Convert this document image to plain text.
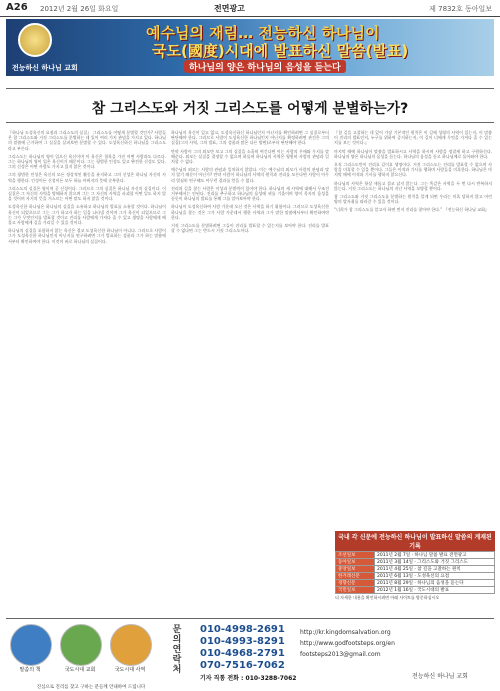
A26 2012년 2월 26일 화요일	전면광고	제 7832호 동아일보
전능하신 하나님 교회
예수님의 재림… 전능하신 하나님이
국도(國度)시대에 발표하신 말씀(발표)
하나님의 양은 하나님의 음성을 듣는다
참 그리스도와 거짓 그리스도를 어떻게 분별하는가?

『하나님 도성육신의 요점과 그리스도의 실질』 그리스도를 어떻게 분별할 것인가? 사람들은 참 그리스도와 거짓 그리스도를 분별하는 데 있어 여러 가지 관념을 가지고 있다. 하나님의 말씀에 근거하여 그 실질을 살펴보면 분별할 수 있다. 도성육신하신 하나님을 그리스도라고 부른다.

그리스도는 하나님의 영이 입으신 육신이며 이 육신은 혈육을 가진 어떤 사람과도 다르다. 그는 하나님의 영이 입은 육신이기 때문이다. 그는 평범한 인성도 있고 완전한 신성도 있다. 그의 신성은 어떤 사람도 가지고 있지 않은 것이다.

그의 평범한 인성은 육신의 모든 정상적인 활동을 유지하고 그의 신성은 하나님 자신의 사역을 행한다. 인성이든 신성이든 모두 하늘 아버지의 뜻에 순복한다.

그리스도의 실질은 영이며 곧 신성이다. 그러므로 그의 실질은 하나님 자신의 실질이다. 이 실질은 그 자신의 사역을 방해하지 않으며 그는 그 자신의 사역을 파괴할 어떤 일도 하지 않을 것이며 자기의 뜻을 거스르는 어떤 말도 하지 않을 것이다.

도성육신한 하나님은 하나님의 실질을 소유하고 하나님의 발표를 소유할 것이다. 하나님이 육신이 되었으므로 그는 그가 하고자 하는 일을 나타낼 것이며 그가 육신이 되었으므로 그는 그가 무엇인지를 발표할 것이고 진리를 사람에게 가져다 줄 수 있고 생명을 사람에게 베풀고 사람에게 길을 가리킬 수 있을 것이다.

하나님의 실질을 포함하지 않는 육신은 결코 도성육신한 하나님이 아니다. 그러므로 사람이 그가 도성육신한 하나님인지 아닌지를 연구하려면 그가 발표하는 성품과 그가 하는 말씀에서부터 확인하여야 한다. 이것이 바로 하나님의 실질이다.

하나님의 육신이 있고 없고, 도성육신하신 하나님인지 아닌지를 확인하려면 그 실질로부터 판단해야 한다. 그러므로 사람이 도성육신한 하나님인지 아닌지를 확정하려면 관건은 그의 실질(그의 사역, 그의 발표, 그의 성품과 많은 다른 방면)로부터 판단해야 한다.

만약 사람이 그의 외모만 보고 그의 실질을 소홀히 여긴다면 이는 사람의 우매와 무지를 말해준다. 외모는 실질을 결정할 수 없으며 하물며 하나님의 사역은 영원히 사람의 관념과 일치할 수 없다.

예수님의 외모는 사람의 관념과 일치하지 않았다. 이는 예수님의 외모가 사람의 관념과 맞지 않기 때문이 아닌가? 만약 사람이 하나님의 사역의 원칙과 진리를 모른다면 사람이 아무리 열심히 연구해도 아무런 결과를 얻을 수 없다.

진리의 길을 찾는 사람은 이성과 분별력이 있어야 한다. 하나님의 새 사역에 대해서 무조건 거부해서는 안된다. 진리를 추구하고 하나님의 음성에 귀를 기울이며 양이 목자의 음성을 듣듯이 하나님의 발표를 통해 그를 알아보아야 한다.

하나님이 도성육신하여 사람 가운데 오신 것은 사역을 하기 위함이다. 그러므로 도성육신한 하나님을 찾는 것은 그가 사람 가운데서 행한 사역과 그가 말한 말씀에서부터 확인하여야 한다.

거짓 그리스도를 분별하려면 그들이 진리를 발표할 수 있는지를 보아야 한다. 진리를 발표할 수 없다면 그는 반드시 거짓 그리스도이다.

『참 길을 고찰하는 데 있어 가장 기본적인 원칙은 이 길에 성령의 사역이 있는지, 이 말씀이 진리의 발표인지, 누구를 위하여 증거하는지, 이 길이 너에게 무엇을 가져다 줄 수 있는지를 보는 것이다.』

마지막 때에 하나님이 말씀을 발표하시고 사역을 하시며 사람을 정결케 하고 구원하신다. 하나님의 양은 하나님의 음성을 듣는다. 하나님의 음성을 듣고 하나님께로 돌아와야 한다.

오직 그리스도만이 진리요 길이요 생명이다. 거짓 그리스도는 진리를 발표할 수 없으며 사람을 미혹할 수 있을 뿐이다. 그들은 이적과 기사를 행하며 사람들을 미혹한다. 하나님은 마지막 때에 이적과 기사를 행하지 않으신다.

하나님의 사역은 항상 새롭고 결코 낡지 않는다. 그는 똑같은 사역을 두 번 다시 반복하지 않는다. 거짓 그리스도는 하나님의 지난 사역을 모방할 뿐이다.

참 그리스도와 거짓 그리스도를 분별하는 원칙을 알게 되면 우리는 미혹 당하지 않고 어린양의 발자취를 따라갈 수 있을 것이다.

“너희가 참 그리스도를 알고자 하면 먼저 진리를 찾아야 한다.” 『전능하신 하나님 교회』

국내 각 신문에 전능하신 하나님이 발표하신 말씀의 게재된 기록
조선일보	2011년 2월 7일 · 하나님 말씀 발표 전면광고
동아일보	2011년 3월 14일 · 그리스도와 거짓 그리스도
중앙일보	2011년 4월 25일 · 참 길을 고찰하는 원칙
한겨레신문	2011년 6월 13일 · 도성육신의 요점
경향신문	2011년 8월 29일 · 하나님의 음성을 듣는다
국민일보	2012년 1월 16일 · 국도시대의 발표
더 자세한 내용을 확인하시려면 아래 사이트를 방문하십시오
말씀의 책	국도시대 교회	국도시대 사역
문의 연락처
010-4998-2691
010-4993-8291
010-4968-2791
070-7516-7062
http://kr.kingdomsalvation.org
http://www.godfootsteps.org/en
footsteps2013@gmail.com
기자 직통 전화 : 010-3288-7062	전능하신 하나님 교회
진심으로 진리를 찾고 구하는 분들께 안내하여 드립니다
